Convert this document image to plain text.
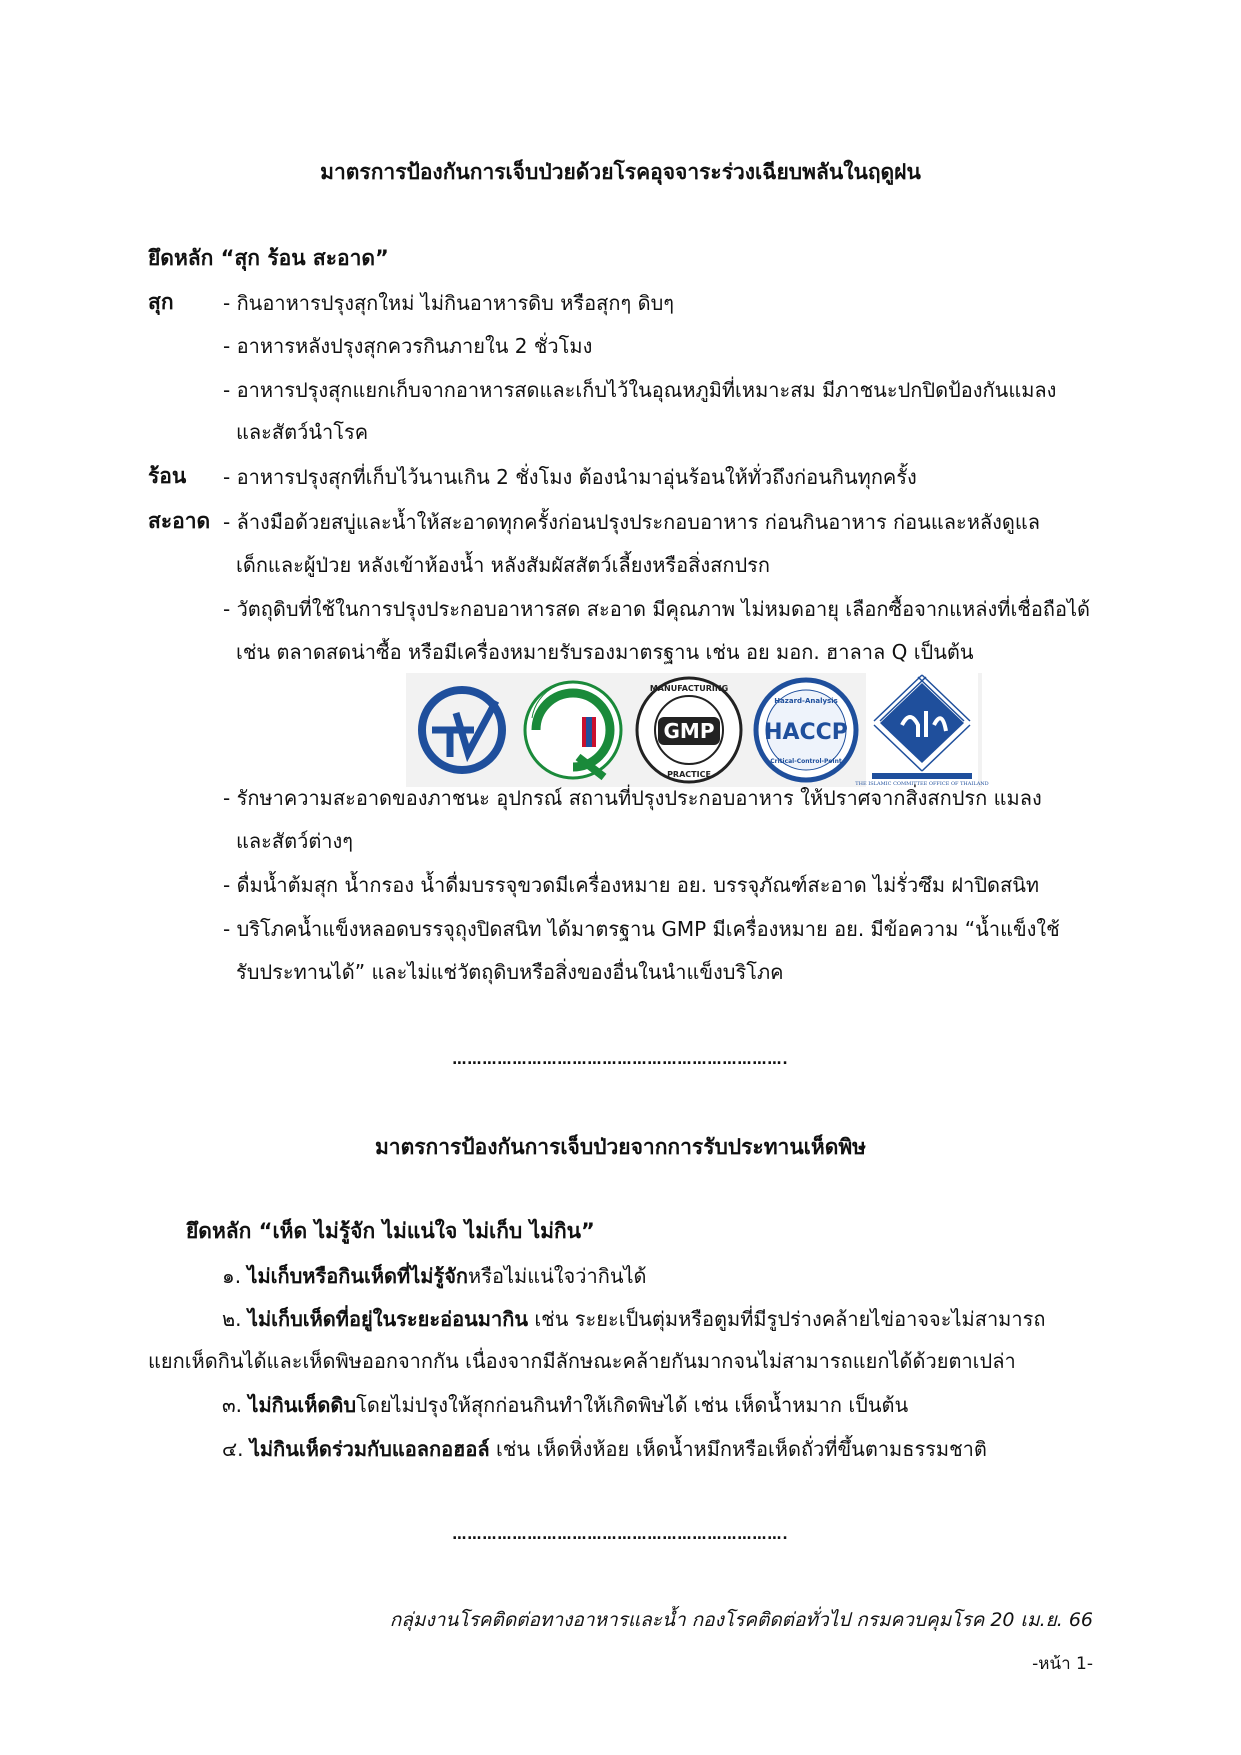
มาตรการป้องกันการเจ็บป่วยด้วยโรคอุจจาระร่วงเฉียบพลันในฤดูฝน
ยึดหลัก “สุก ร้อน สะอาด”
สุก - กินอาหารปรุงสุกใหม่ ไม่กินอาหารดิบ หรือสุกๆ ดิบๆ
- อาหารหลังปรุงสุกควรกินภายใน 2 ชั่วโมง
- อาหารปรุงสุกแยกเก็บจากอาหารสดและเก็บไว้ในอุณหภูมิที่เหมาะสม มีภาชนะปกปิดป้องกันแมลง
และสัตว์นำโรค
ร้อน - อาหารปรุงสุกที่เก็บไว้นานเกิน 2 ชั่งโมง ต้องนำมาอุ่นร้อนให้ทั่วถึงก่อนกินทุกครั้ง
สะอาด - ล้างมือด้วยสบู่และน้ำให้สะอาดทุกครั้งก่อนปรุงประกอบอาหาร ก่อนกินอาหาร ก่อนและหลังดูแล
เด็กและผู้ป่วย หลังเข้าห้องน้ำ หลังสัมผัสสัตว์เลี้ยงหรือสิ่งสกปรก
- วัตถุดิบที่ใช้ในการปรุงประกอบอาหารสด สะอาด มีคุณภาพ ไม่หมดอายุ เลือกซื้อจากแหล่งที่เชื่อถือได้
เช่น ตลาดสดน่าซื้อ หรือมีเครื่องหมายรับรองมาตรฐาน เช่น อย มอก. ฮาลาล Q เป็นต้น
GMP
MANUFACTURING
PRACTICE
HACCP
Hazard-Analysis
Critical-Control-Point
THE ISLAMIC COMMITTEE OFFICE OF THAILAND
- รักษาความสะอาดของภาชนะ อุปกรณ์ สถานที่ปรุงประกอบอาหาร ให้ปราศจากสิ่งสกปรก แมลง
และสัตว์ต่างๆ
- ดื่มน้ำต้มสุก น้ำกรอง น้ำดื่มบรรจุขวดมีเครื่องหมาย อย. บรรจุภัณฑ์สะอาด ไม่รั่วซึม ฝาปิดสนิท
- บริโภคน้ำแข็งหลอดบรรจุถุงปิดสนิท ได้มาตรฐาน GMP มีเครื่องหมาย อย. มีข้อความ “น้ำแข็งใช้
รับประทานได้” และไม่แช่วัตถุดิบหรือสิ่งของอื่นในนำแข็งบริโภค
………………………………………………………….
มาตรการป้องกันการเจ็บป่วยจากการรับประทานเห็ดพิษ
ยึดหลัก “เห็ด ไม่รู้จัก ไม่แน่ใจ ไม่เก็บ ไม่กิน”
๑. ไม่เก็บหรือกินเห็ดที่ไม่รู้จักหรือไม่แน่ใจว่ากินได้
๒. ไม่เก็บเห็ดที่อยู่ในระยะอ่อนมากิน เช่น ระยะเป็นตุ่มหรือตูมที่มีรูปร่างคล้ายไข่อาจจะไม่สามารถ
แยกเห็ดกินได้และเห็ดพิษออกจากกัน เนื่องจากมีลักษณะคล้ายกันมากจนไม่สามารถแยกได้ด้วยตาเปล่า
๓. ไม่กินเห็ดดิบโดยไม่ปรุงให้สุกก่อนกินทำให้เกิดพิษได้ เช่น เห็ดน้ำหมาก เป็นต้น
๔. ไม่กินเห็ดร่วมกับแอลกอฮอล์ เช่น เห็ดหิ่งห้อย เห็ดน้ำหมึกหรือเห็ดถั่วที่ขึ้นตามธรรมชาติ
………………………………………………………….
กลุ่มงานโรคติดต่อทางอาหารและน้ำ กองโรคติดต่อทั่วไป กรมควบคุมโรค 20 เม.ย. 66
-หน้า 1-
